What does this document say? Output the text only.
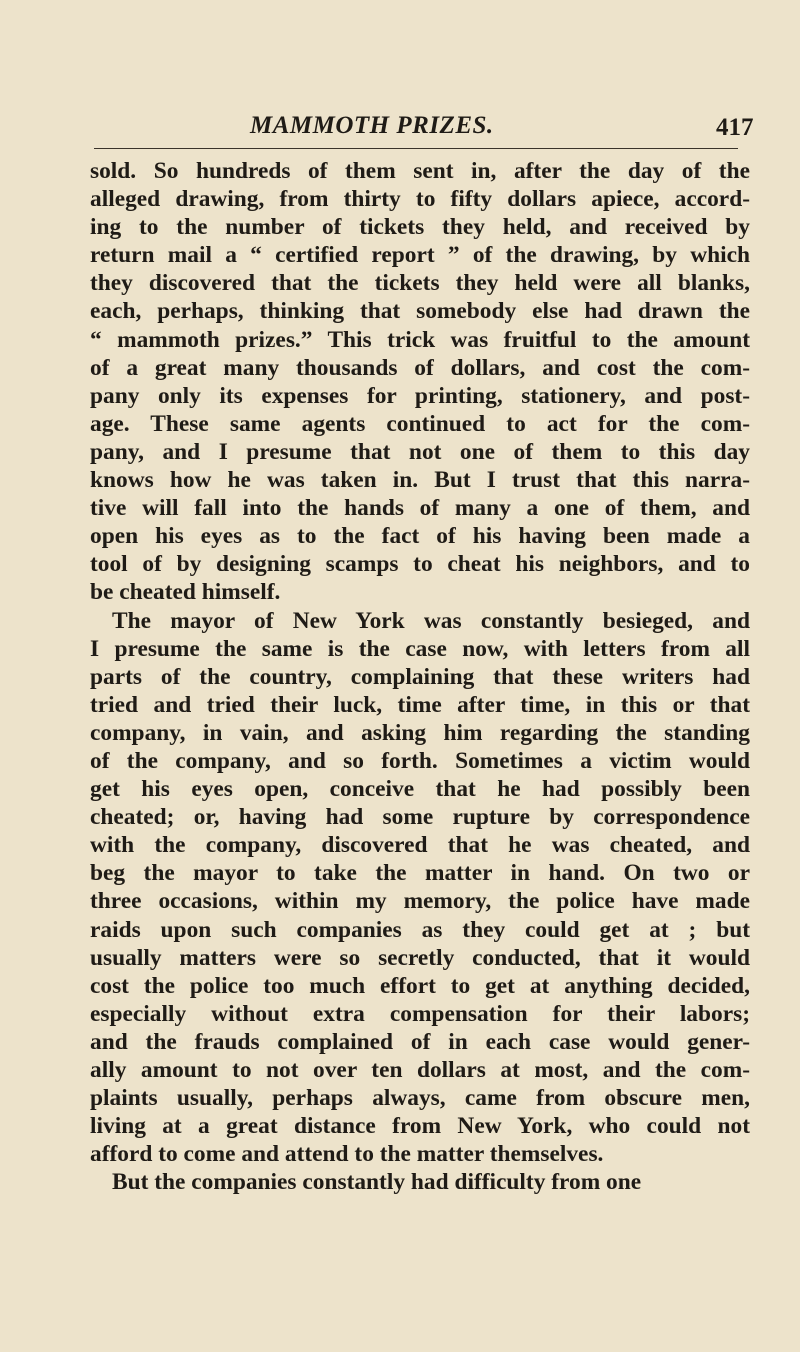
MAMMOTH PRIZES.	417
sold. So hundreds of them sent in, after the day of the
alleged drawing, from thirty to fifty dollars apiece, accord-
ing to the number of tickets they held, and received by
return mail a “ certified report ” of the drawing, by which
they discovered that the tickets they held were all blanks,
each, perhaps, thinking that somebody else had drawn the
“ mammoth prizes.” This trick was fruitful to the amount
of a great many thousands of dollars, and cost the com-
pany only its expenses for printing, stationery, and post-
age. These same agents continued to act for the com-
pany, and I presume that not one of them to this day
knows how he was taken in. But I trust that this narra-
tive will fall into the hands of many a one of them, and
open his eyes as to the fact of his having been made a
tool of by designing scamps to cheat his neighbors, and to
be cheated himself.
The mayor of New York was constantly besieged, and
I presume the same is the case now, with letters from all
parts of the country, complaining that these writers had
tried and tried their luck, time after time, in this or that
company, in vain, and asking him regarding the standing
of the company, and so forth. Sometimes a victim would
get his eyes open, conceive that he had possibly been
cheated; or, having had some rupture by correspondence
with the company, discovered that he was cheated, and
beg the mayor to take the matter in hand. On two or
three occasions, within my memory, the police have made
raids upon such companies as they could get at ; but
usually matters were so secretly conducted, that it would
cost the police too much effort to get at anything decided,
especially without extra compensation for their labors;
and the frauds complained of in each case would gener-
ally amount to not over ten dollars at most, and the com-
plaints usually, perhaps always, came from obscure men,
living at a great distance from New York, who could not
afford to come and attend to the matter themselves.
But the companies constantly had difficulty from one
